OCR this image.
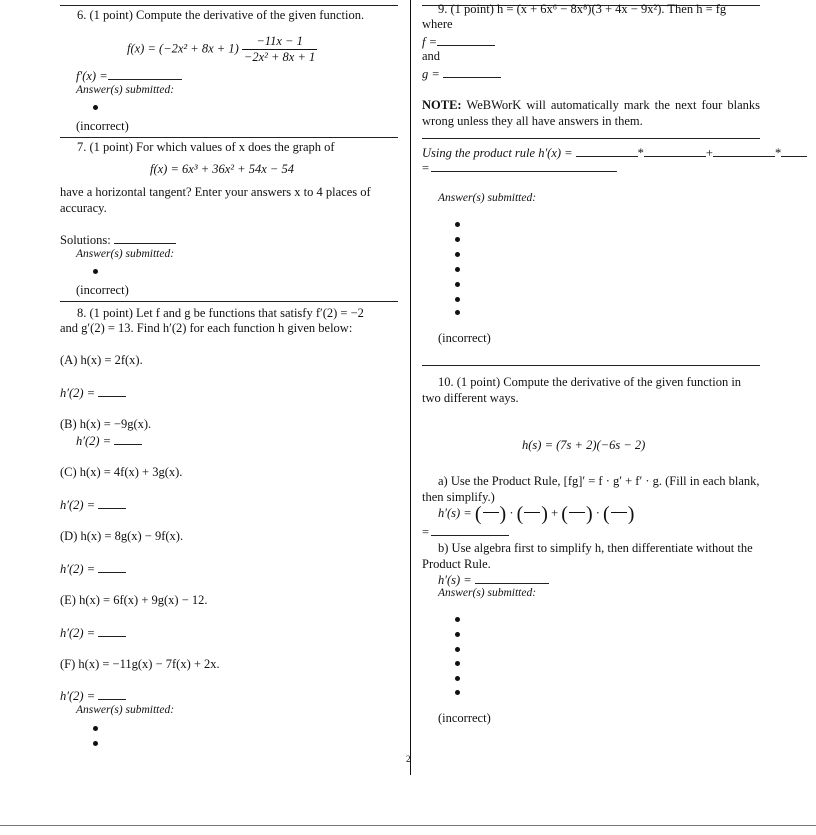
6. (1 point) Compute the derivative of the given function.
$f(x) = (-2x^2 + 8x + 1) \frac{-11x - 1}{\text{−2x² + 8x + 1}}$
f′(x) =
Answer(s) submitted:
(incorrect)
7. (1 point) For which values of x does the graph of
f(x) = 6x³ + 36x² + 54x − 54
have a horizontal tangent? Enter your answers x to 4 places of accuracy.
Solutions:
Answer(s) submitted:
(incorrect)
8. (1 point) Let f and g be functions that satisfy f′(2) = −2
and g′(2) = 13. Find h′(2) for each function h given below:
(A) h(x) = 2f(x).
h′(2) =
(B) h(x) = −9g(x).
h′(2) =
(C) h(x) = 4f(x) + 3g(x).
h′(2) =
(D) h(x) = 8g(x) − 9f(x).
h′(2) =
(E) h(x) = 6f(x) + 9g(x) − 12.
h′(2) =
(F) h(x) = −11g(x) − 7f(x) + 2x.
h′(2) =
Answer(s) submitted:
2
9. (1 point) h = (x + 6x⁶ − 8x⁸)(3 + 4x − 9x²). Then h = fg
where
f =
and
g =
NOTE: WeBWorK will automatically mark the next four blanks wrong unless they all have answers in them.
Using the product rule h′(x) =	*	+	*
=
Answer(s) submitted:
(incorrect)
10. (1 point) Compute the derivative of the given function in two different ways.
h(s) = (7s + 2)(−6s − 2)
a) Use the Product Rule, [fg]′ = f · g′ + f′ · g. (Fill in each blank, then simplify.)
h′(s) = ( ) · ( ) + ( ) · ( )
=
b) Use algebra first to simplify h, then differentiate without the Product Rule.
h′(s) =
Answer(s) submitted:
(incorrect)
